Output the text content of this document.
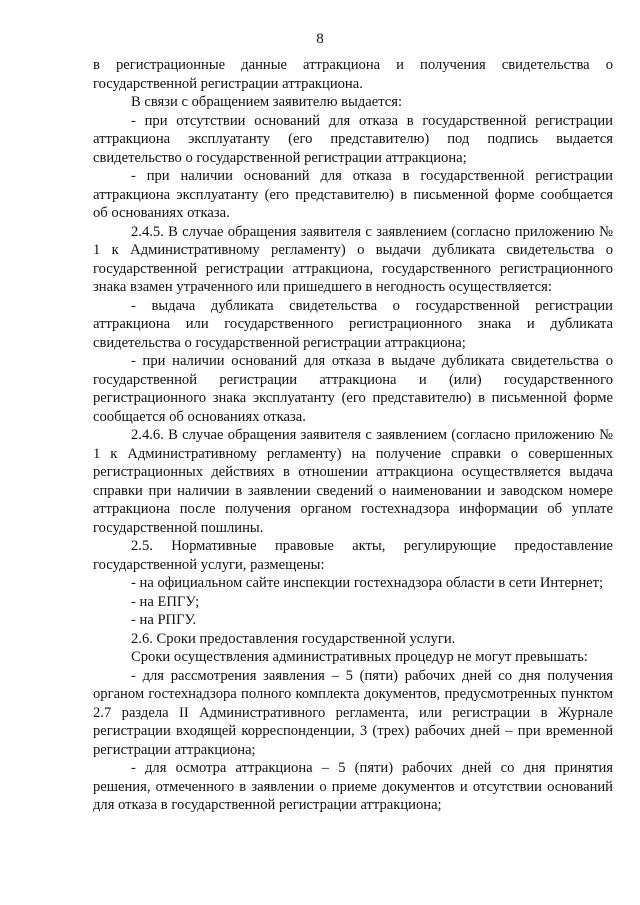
8

в регистрационные данные аттракциона и получения свидетельства о государственной регистрации аттракциона.

В связи с обращением заявителю выдается:

- при отсутствии оснований для отказа в государственной регистрации аттракциона эксплуатанту (его представителю) под подпись выдается свидетельство о государственной регистрации аттракциона;

- при наличии оснований для отказа в государственной регистрации аттракциона эксплуатанту (его представителю) в письменной форме сообщается об основаниях отказа.

2.4.5. В случае обращения заявителя с заявлением (согласно приложению № 1 к Административному регламенту) о выдачи дубликата свидетельства о государственной регистрации аттракциона, государственного регистрационного знака взамен утраченного или пришедшего в негодность осуществляется:

- выдача дубликата свидетельства о государственной регистрации аттракциона или государственного регистрационного знака и дубликата свидетельства о государственной регистрации аттракциона;

- при наличии оснований для отказа в выдаче дубликата свидетельства о государственной регистрации аттракциона и (или) государственного регистрационного знака эксплуатанту (его представителю) в письменной форме сообщается об основаниях отказа.

2.4.6. В случае обращения заявителя с заявлением (согласно приложению № 1 к Административному регламенту) на получение справки о совершенных регистрационных действиях в отношении аттракциона осуществляется выдача справки при наличии в заявлении сведений о наименовании и заводском номере аттракциона после получения органом гостехнадзора информации об уплате государственной пошлины.

2.5. Нормативные правовые акты, регулирующие предоставление государственной услуги, размещены:

- на официальном сайте инспекции гостехнадзора области в сети Интернет;

- на ЕПГУ;

- на РПГУ.

2.6. Сроки предоставления государственной услуги.

Сроки осуществления административных процедур не могут превышать:

- для рассмотрения заявления – 5 (пяти) рабочих дней со дня получения органом гостехнадзора полного комплекта документов, предусмотренных пунктом 2.7 раздела II Административного регламента, или регистрации в Журнале регистрации входящей корреспонденции, 3 (трех) рабочих дней – при временной регистрации аттракциона;

- для осмотра аттракциона – 5 (пяти) рабочих дней со дня принятия решения, отмеченного в заявлении о приеме документов и отсутствии оснований для отказа в государственной регистрации аттракциона;
